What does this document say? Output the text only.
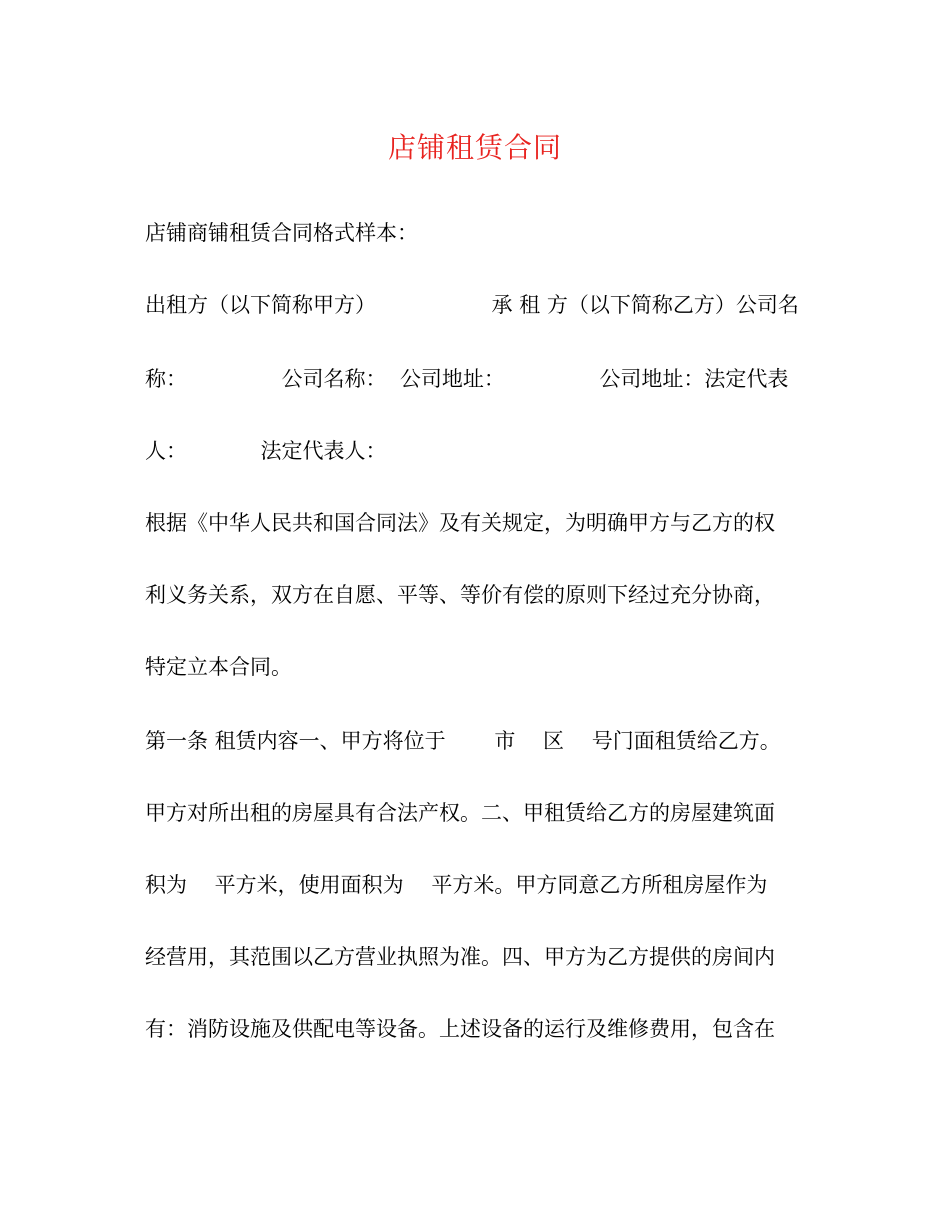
店铺租赁合同
店铺商铺租赁合同格式样本：
出租方（以下简称甲方）　　　　　　承 租 方（以下简称乙方）公司名
称：　　　　　公司名称：  公司地址：　　　　　公司地址：法定代表
人：　　　　法定代表人：
根据《中华人民共和国合同法》及有关规定，为明确甲方与乙方的权
利义务关系，双方在自愿、平等、等价有偿的原则下经过充分协商，
特定立本合同。
第一条 租赁内容一、甲方将位于　　 市 　区　 号门面租赁给乙方。
甲方对所出租的房屋具有合法产权。二、甲租赁给乙方的房屋建筑面
积为　 平方米，使用面积为　 平方米。甲方同意乙方所租房屋作为
经营用，其范围以乙方营业执照为准。四、甲方为乙方提供的房间内
有：消防设施及供配电等设备。上述设备的运行及维修费用，包含在
